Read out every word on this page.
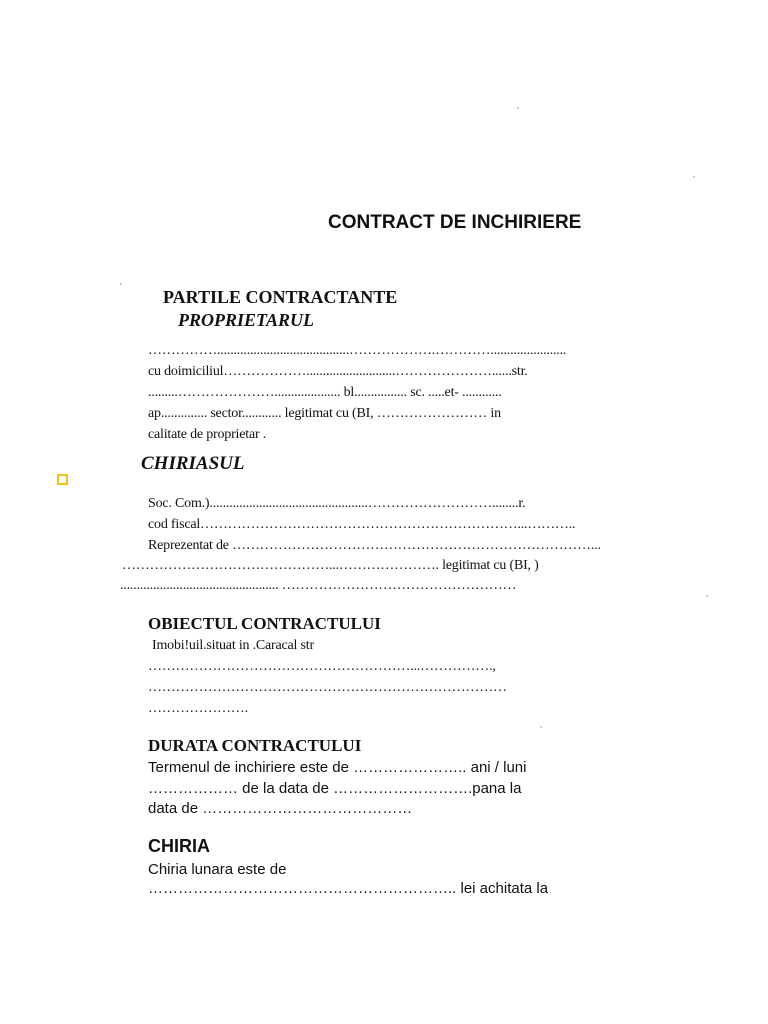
CONTRACT DE INCHIRIERE
PARTILE CONTRACTANTE
PROPRIETARUL
……………........................................……………….………….......................
cu doimiciliul………………...........................…………………......str.
.........………………….................... bl................ sc. .....et- ............
ap.............. sector............ legitimat cu (BI, …………………… in
calitate de proprietar .
CHIRIASUL
Soc. Com.)................................................………………………........r.
cod fiscal……………………………………………………………...………..
Reprezentat de ……………………………………………………………………...
………………………………………...…………………. legitimat cu (BI, )
................................................ ……………………………………………
OBIECTUL CONTRACTULUI
Imobi!uil.situat in .Caracal str
…………………………………………………...…………….,
……………………………………………………………………
………………….
DURATA CONTRACTULUI
Termenul de inchiriere este de ………………….. ani / luni
……………… de la data de ……………………….pana la
data de ……………………………………
CHIRIA
Chiria lunara este de
…………………………………………………….. lei achitata la
